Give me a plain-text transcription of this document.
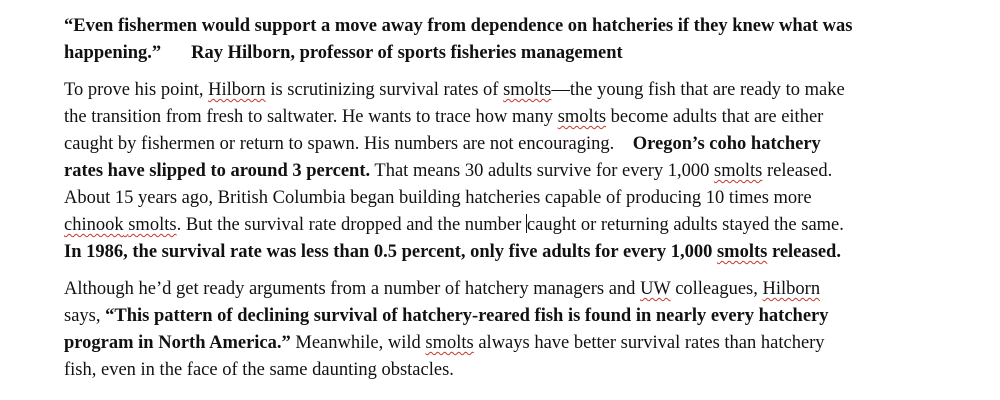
“Even fishermen would support a move away from dependence on hatcheries if they knew what was
happening.” Ray Hilborn, professor of sports fisheries management

To prove his point, Hilborn is scrutinizing survival rates of smolts—the young fish that are ready to make
the transition from fresh to saltwater. He wants to trace how many smolts become adults that are either
caught by fishermen or return to spawn. His numbers are not encouraging. Oregon’s coho hatchery
rates have slipped to around 3 percent. That means 30 adults survive for every 1,000 smolts released.
About 15 years ago, British Columbia began building hatcheries capable of producing 10 times more
chinook smolts. But the survival rate dropped and the number caught or returning adults stayed the same.
In 1986, the survival rate was less than 0.5 percent, only five adults for every 1,000 smolts released.

Although he’d get ready arguments from a number of hatchery managers and UW colleagues, Hilborn
says, “This pattern of declining survival of hatchery-reared fish is found in nearly every hatchery
program in North America.” Meanwhile, wild smolts always have better survival rates than hatchery
fish, even in the face of the same daunting obstacles.
